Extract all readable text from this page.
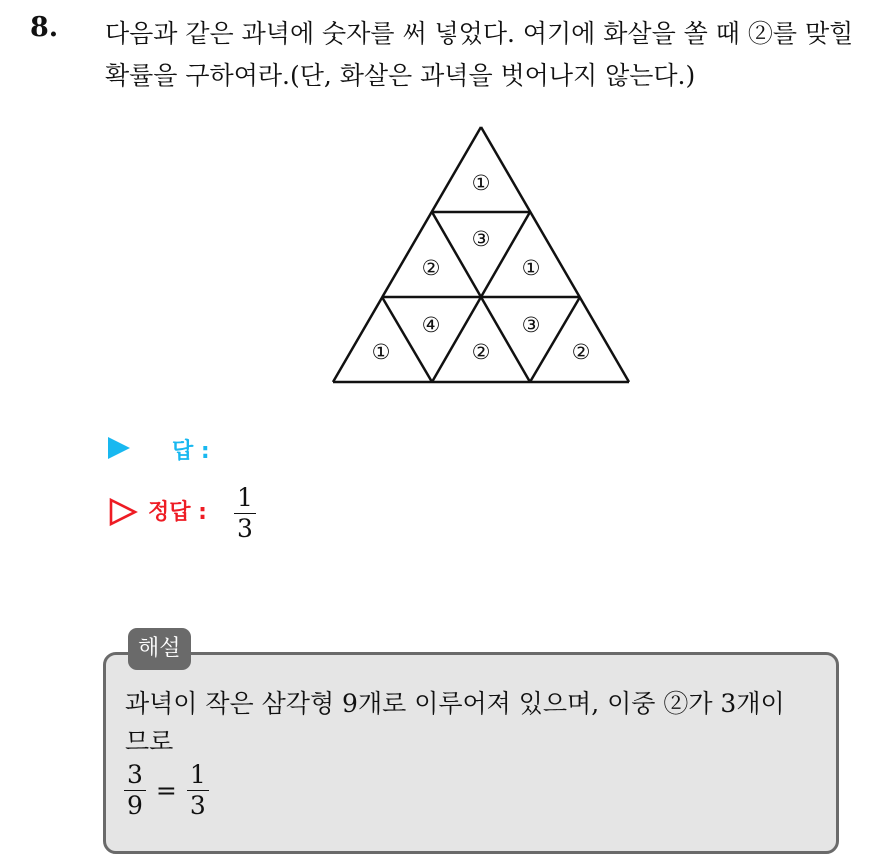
8. 다음과 같은 과녁에 숫자를 써 넣었다. 여기에 화살을 쏠 때 ②를 맞힐
확률을 구하여라.(단, 화살은 과녁을 벗어나지 않는다.)
①
③
②	①
④	③
①	②	②
답 :
정답 :
1
3
해설
과녁이 작은 삼각형 9개로 이루어져 있으며, 이중 ②가 3개이
므로
$\frac{3}{9} = \frac{1}{3}$
